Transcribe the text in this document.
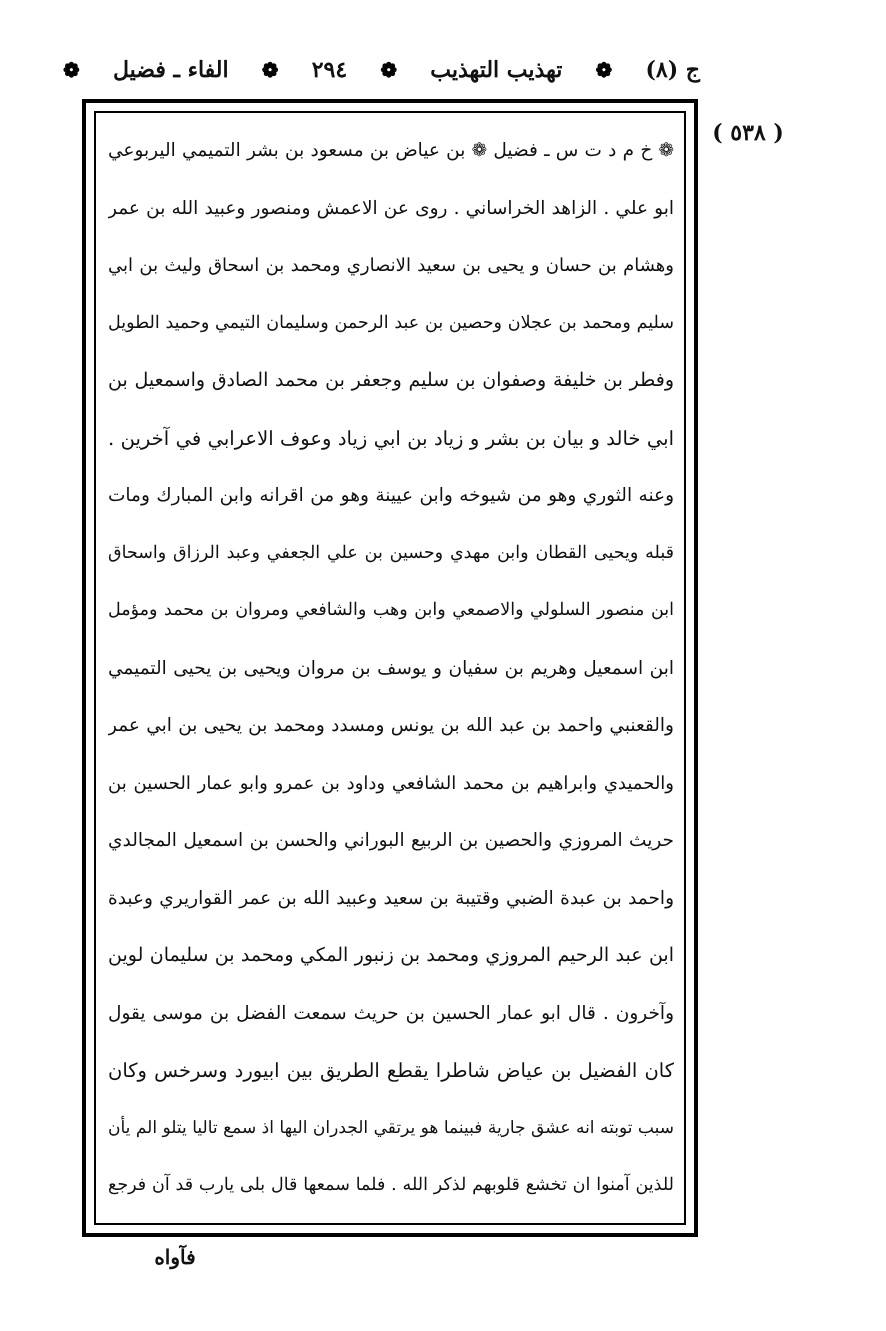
ج (٨)
❁
تهذيب التهذيب
❁
٢٩٤
❁
الفاء ـ فضيل
❁
( ٥٣٨ )
❁ خ م د ت س ـ فضيل ❁ بن عياض بن مسعود بن بشر التميمي اليربوعي
ابو علي . الزاهد الخراساني . روى عن الاعمش ومنصور وعبيد الله بن عمر
وهشام بن حسان و يحيى بن سعيد الانصاري ومحمد بن اسحاق وليث بن ابي
سليم ومحمد بن عجلان وحصين بن عبد الرحمن وسليمان التيمي وحميد الطويل
وفطر بن خليفة وصفوان بن سليم وجعفر بن محمد الصادق واسمعيل بن
ابي خالد و بيان بن بشر و زياد بن ابي زياد وعوف الاعرابي في آخرين .
وعنه الثوري وهو من شيوخه وابن عيينة وهو من اقرانه وابن المبارك ومات
قبله ويحيى القطان وابن مهدي وحسين بن علي الجعفي وعبد الرزاق واسحاق
ابن منصور السلولي والاصمعي وابن وهب والشافعي ومروان بن محمد ومؤمل
ابن اسمعيل وهريم بن سفيان و يوسف بن مروان ويحيى بن يحيى التميمي
والقعنبي واحمد بن عبد الله بن يونس ومسدد ومحمد بن يحيى بن ابي عمر
والحميدي وابراهيم بن محمد الشافعي وداود بن عمرو وابو عمار الحسين بن
حريث المروزي والحصين بن الربيع البوراني والحسن بن اسمعيل المجالدي
واحمد بن عبدة الضبي وقتيبة بن سعيد وعبيد الله بن عمر القواريري وعبدة
ابن عبد الرحيم المروزي ومحمد بن زنبور المكي ومحمد بن سليمان لوين
وآخرون . قال ابو عمار الحسين بن حريث سمعت الفضل بن موسى يقول
كان الفضيل بن عياض شاطرا يقطع الطريق بين ابيورد وسرخس وكان
سبب توبته انه عشق جارية فبينما هو يرتقي الجدران اليها اذ سمع تاليا يتلو الم يأن
للذين آمنوا ان تخشع قلوبهم لذكر الله . فلما سمعها قال بلى يارب قد آن فرجع
فآواه
